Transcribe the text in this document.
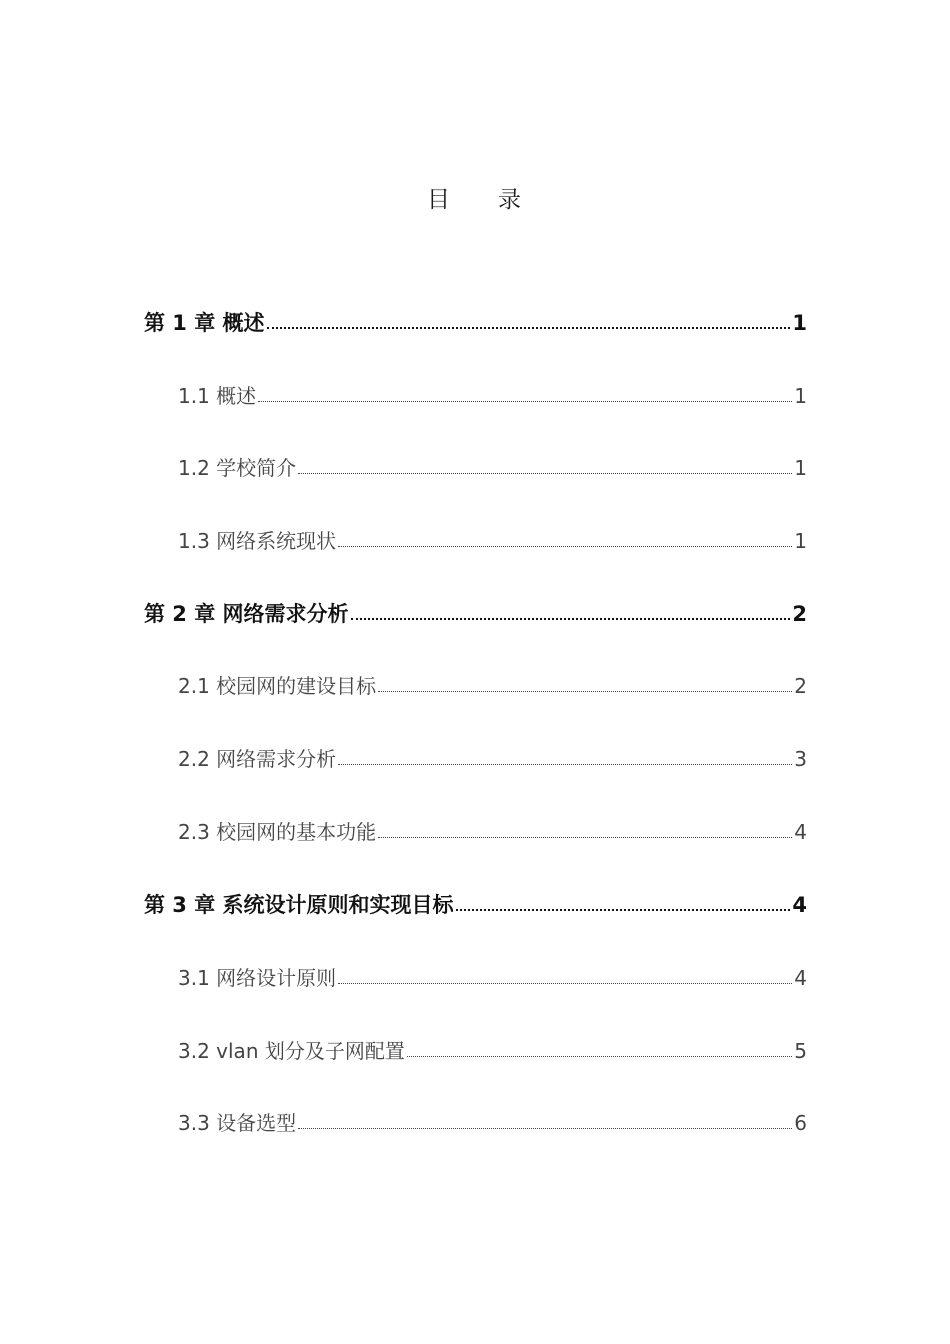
目 录
第 1 章 概述	1
1.1 概述	1
1.2 学校简介	1
1.3 网络系统现状	1
第 2 章 网络需求分析	2
2.1 校园网的建设目标	2
2.2 网络需求分析	3
2.3 校园网的基本功能	4
第 3 章 系统设计原则和实现目标	4
3.1 网络设计原则	4
3.2 vlan 划分及子网配置	5
3.3 设备选型	6
